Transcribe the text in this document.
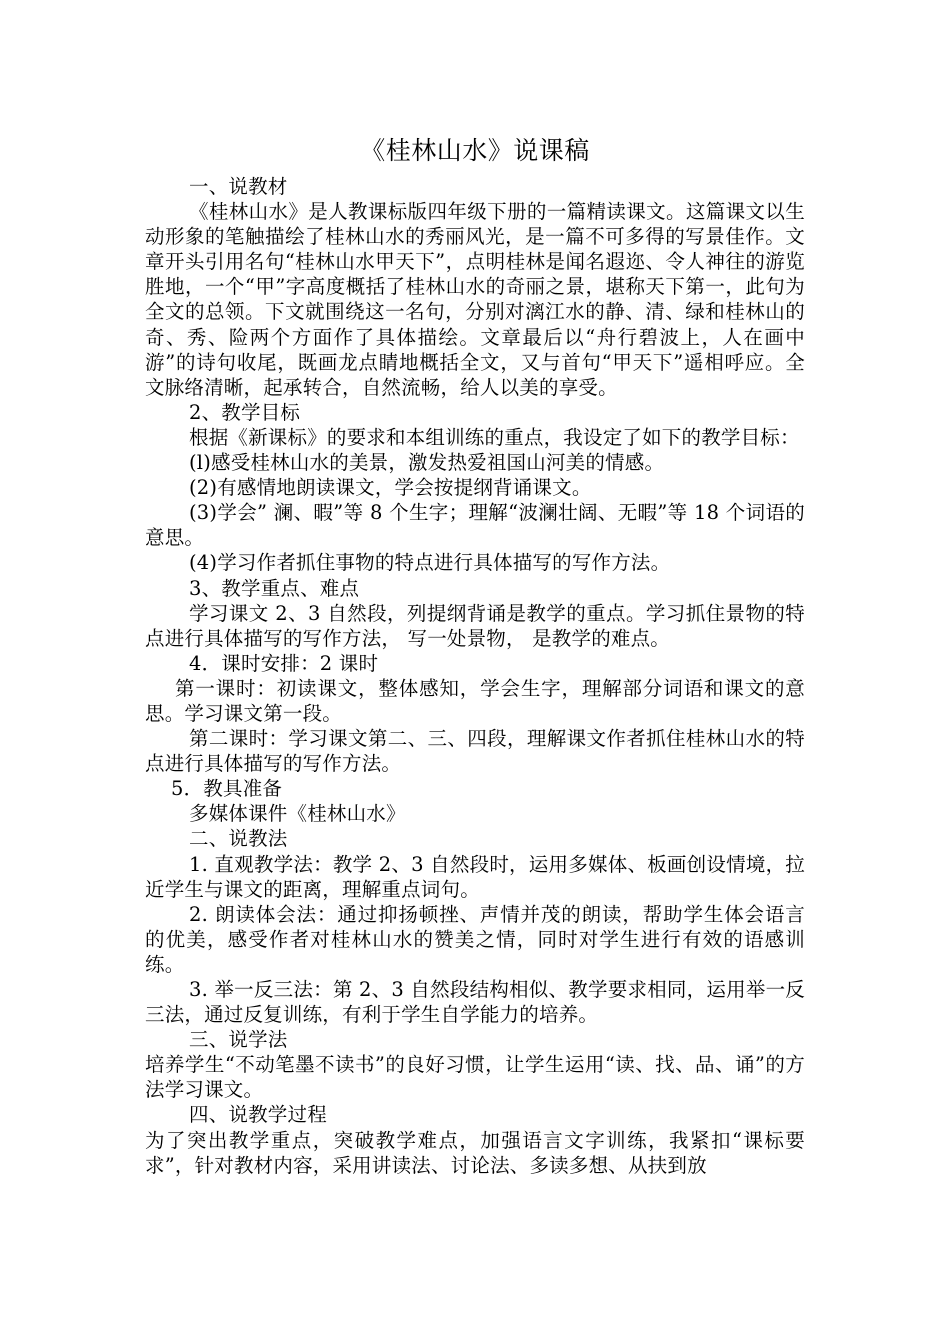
《桂林山水》说课稿

一、说教材

《桂林山水》是人教课标版四年级下册的一篇精读课文。这篇课文以生动形象的笔触描绘了桂林山水的秀丽风光，是一篇不可多得的写景佳作。文章开头引用名句“桂林山水甲天下”，点明桂林是闻名遐迩、令人神往的游览胜地，一个“甲”字高度概括了桂林山水的奇丽之景，堪称天下第一，此句为全文的总领。下文就围绕这一名句，分别对漓江水的静、清、绿和桂林山的奇、秀、险两个方面作了具体描绘。文章最后以“舟行碧波上，人在画中游”的诗句收尾，既画龙点睛地概括全文，又与首句“甲天下”遥相呼应。全文脉络清晰，起承转合，自然流畅，给人以美的享受。

2、教学目标

根据《新课标》的要求和本组训练的重点，我设定了如下的教学目标：

(l)感受桂林山水的美景，激发热爱祖国山河美的情感。

(2)有感情地朗读课文，学会按提纲背诵课文。

(3)学会” 澜、暇”等 8 个生字；理解“波澜壮阔、无暇”等 18 个词语的意思。

(4)学习作者抓住事物的特点进行具体描写的写作方法。

3、教学重点、难点

学习课文 2、3 自然段，列提纲背诵是教学的重点。学习抓住景物的特点进行具体描写的写作方法， 写一处景物， 是教学的难点。

4．课时安排：2 课时

第一课时：初读课文，整体感知，学会生字，理解部分词语和课文的意思。学习课文第一段。

第二课时：学习课文第二、三、四段，理解课文作者抓住桂林山水的特点进行具体描写的写作方法。

5．教具准备

多媒体课件《桂林山水》

二、说教法

1. 直观教学法：教学 2、3 自然段时，运用多媒体、板画创设情境，拉近学生与课文的距离，理解重点词句。

2. 朗读体会法：通过抑扬顿挫、声情并茂的朗读，帮助学生体会语言的优美，感受作者对桂林山水的赞美之情，同时对学生进行有效的语感训练。

3. 举一反三法：第 2、3 自然段结构相似、教学要求相同，运用举一反三法，通过反复训练，有利于学生自学能力的培养。

三、说学法

培养学生“不动笔墨不读书”的良好习惯，让学生运用“读、找、品、诵”的方法学习课文。

四、说教学过程

为了突出教学重点，突破教学难点，加强语言文字训练，我紧扣“课标要求”，针对教材内容，采用讲读法、讨论法、多读多想、从扶到放
